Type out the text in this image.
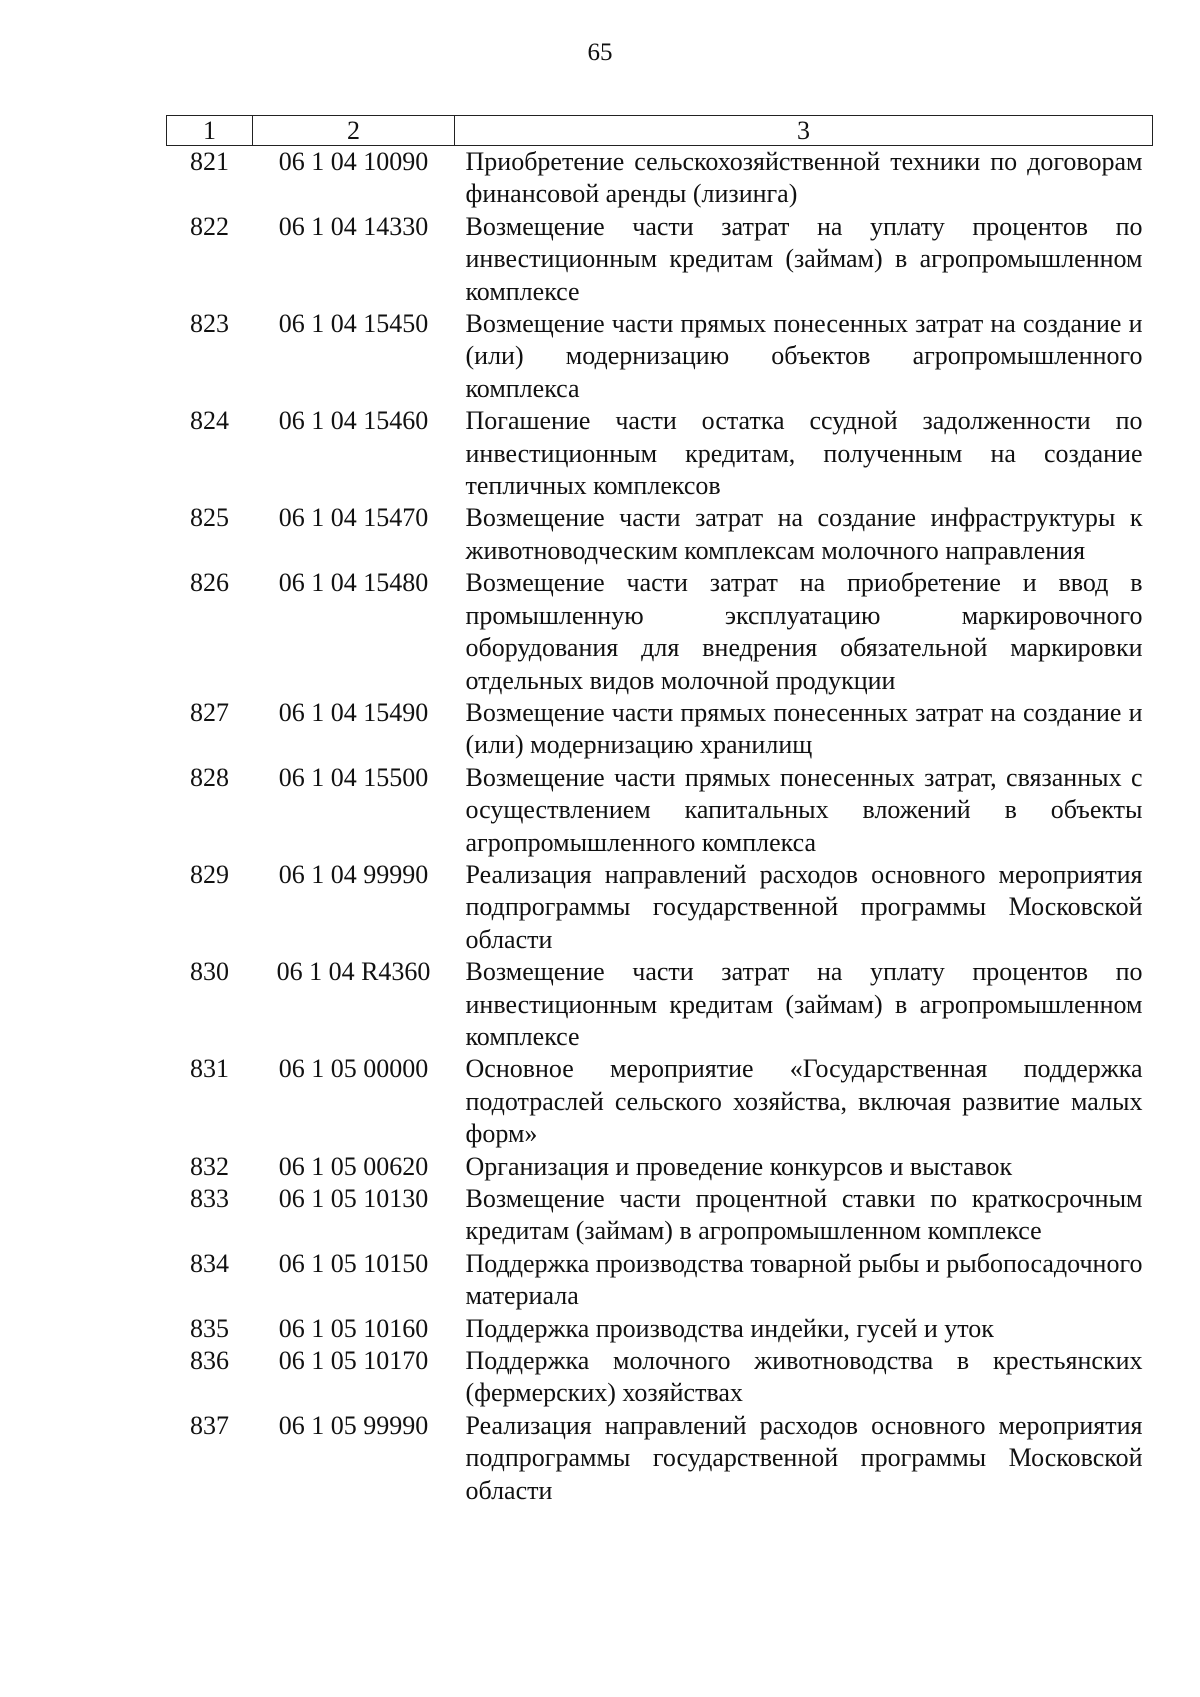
65
1	2	3
821	06 1 04 10090	Приобретение сельскохозяйственной техники по договорам финансовой аренды (лизинга)
822	06 1 04 14330	Возмещение части затрат на уплату процентов по инвестиционным кредитам (займам) в агропромышленном комплексе
823	06 1 04 15450	Возмещение части прямых понесенных затрат на создание и (или) модернизацию объектов агропромышленного комплекса
824	06 1 04 15460	Погашение части остатка ссудной задолженности по инвестиционным кредитам, полученным на создание тепличных комплексов
825	06 1 04 15470	Возмещение части затрат на создание инфраструктуры к животноводческим комплексам молочного направления
826	06 1 04 15480	Возмещение части затрат на приобретение и ввод в промышленную эксплуатацию маркировочного оборудования для внедрения обязательной маркировки отдельных видов молочной продукции
827	06 1 04 15490	Возмещение части прямых понесенных затрат на создание и (или) модернизацию хранилищ
828	06 1 04 15500	Возмещение части прямых понесенных затрат, связанных с осуществлением капитальных вложений в объекты агропромышленного комплекса
829	06 1 04 99990	Реализация направлений расходов основного мероприятия подпрограммы государственной программы Московской области
830	06 1 04 R4360	Возмещение части затрат на уплату процентов по инвестиционным кредитам (займам) в агропромышленном комплексе
831	06 1 05 00000	Основное мероприятие «Государственная поддержка подотраслей сельского хозяйства, включая развитие малых форм»
832	06 1 05 00620	Организация и проведение конкурсов и выставок
833	06 1 05 10130	Возмещение части процентной ставки по краткосрочным кредитам (займам) в агропромышленном комплексе
834	06 1 05 10150	Поддержка производства товарной рыбы и рыбопосадочного материала
835	06 1 05 10160	Поддержка производства индейки, гусей и уток
836	06 1 05 10170	Поддержка молочного животноводства в крестьянских (фермерских) хозяйствах
837	06 1 05 99990	Реализация направлений расходов основного мероприятия подпрограммы государственной программы Московской области
